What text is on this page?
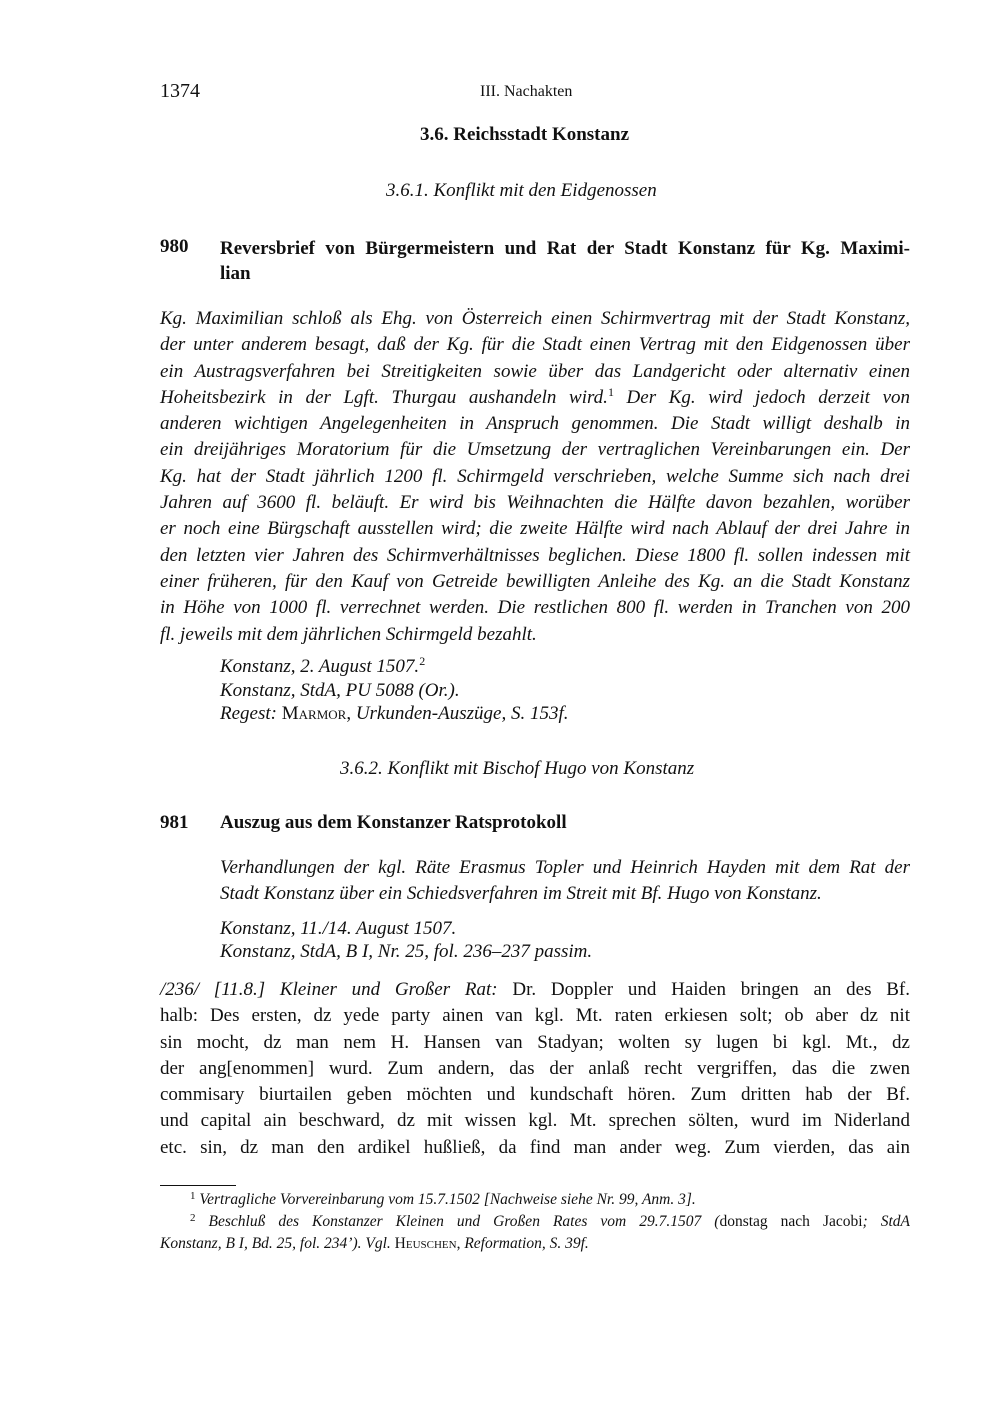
1374	III. Nachakten
3.6. Reichsstadt Konstanz
3.6.1. Konflikt mit den Eidgenossen
980 Reversbrief von Bürgermeistern und Rat der Stadt Konstanz für Kg. Maximi-
lian
Kg. Maximilian schloß als Ehg. von Österreich einen Schirmvertrag mit der Stadt Konstanz,
der unter anderem besagt, daß der Kg. für die Stadt einen Vertrag mit den Eidgenossen über
ein Austragsverfahren bei Streitigkeiten sowie über das Landgericht oder alternativ einen
Hoheitsbezirk in der Lgft. Thurgau aushandeln wird.$^1$ Der Kg. wird jedoch derzeit von
anderen wichtigen Angelegenheiten in Anspruch genommen. Die Stadt willigt deshalb in
ein dreijähriges Moratorium für die Umsetzung der vertraglichen Vereinbarungen ein. Der
Kg. hat der Stadt jährlich 1200 fl. Schirmgeld verschrieben, welche Summe sich nach drei
Jahren auf 3600 fl. beläuft. Er wird bis Weihnachten die Hälfte davon bezahlen, worüber
er noch eine Bürgschaft ausstellen wird; die zweite Hälfte wird nach Ablauf der drei Jahre in
den letzten vier Jahren des Schirmverhältnisses beglichen. Diese 1800 fl. sollen indessen mit
einer früheren, für den Kauf von Getreide bewilligten Anleihe des Kg. an die Stadt Konstanz
in Höhe von 1000 fl. verrechnet werden. Die restlichen 800 fl. werden in Tranchen von 200
fl. jeweils mit dem jährlichen Schirmgeld bezahlt.
Konstanz, 2. August 1507.$^2$
Konstanz, StdA, PU 5088 (Or.).
Regest: Marmor, Urkunden-Auszüge, S. 153f.
3.6.2. Konflikt mit Bischof Hugo von Konstanz
981 Auszug aus dem Konstanzer Ratsprotokoll
Verhandlungen der kgl. Räte Erasmus Topler und Heinrich Hayden mit dem Rat der
Stadt Konstanz über ein Schiedsverfahren im Streit mit Bf. Hugo von Konstanz.
Konstanz, 11./14. August 1507.
Konstanz, StdA, B I, Nr. 25, fol. 236–237 passim.
/236/ [11.8.] Kleiner und Großer Rat: Dr. Doppler und Haiden bringen an des Bf.
halb: Des ersten, dz yede party ainen van kgl. Mt. raten erkiesen solt; ob aber dz nit
sin mocht, dz man nem H. Hansen van Stadyan; wolten sy lugen bi kgl. Mt., dz
der ang[enommen] wurd. Zum andern, das der anlaß recht vergriffen, das die zwen
commisary biurtailen geben möchten und kundschaft hören. Zum dritten hab der Bf.
und capital ain beschward, dz mit wissen kgl. Mt. sprechen sölten, wurd im Niderland
etc. sin, dz man den ardikel hußließ, da find man ander weg. Zum vierden, das ain
$^1$ Vertragliche Vorvereinbarung vom 15.7.1502 [Nachweise siehe Nr. 99, Anm. 3].
$^2$ Beschluß des Konstanzer Kleinen und Großen Rates vom 29.7.1507 (donstag nach Jacobi; StdA
Konstanz, B I, Bd. 25, fol. 234’). Vgl. Heuschen, Reformation, S. 39f.
